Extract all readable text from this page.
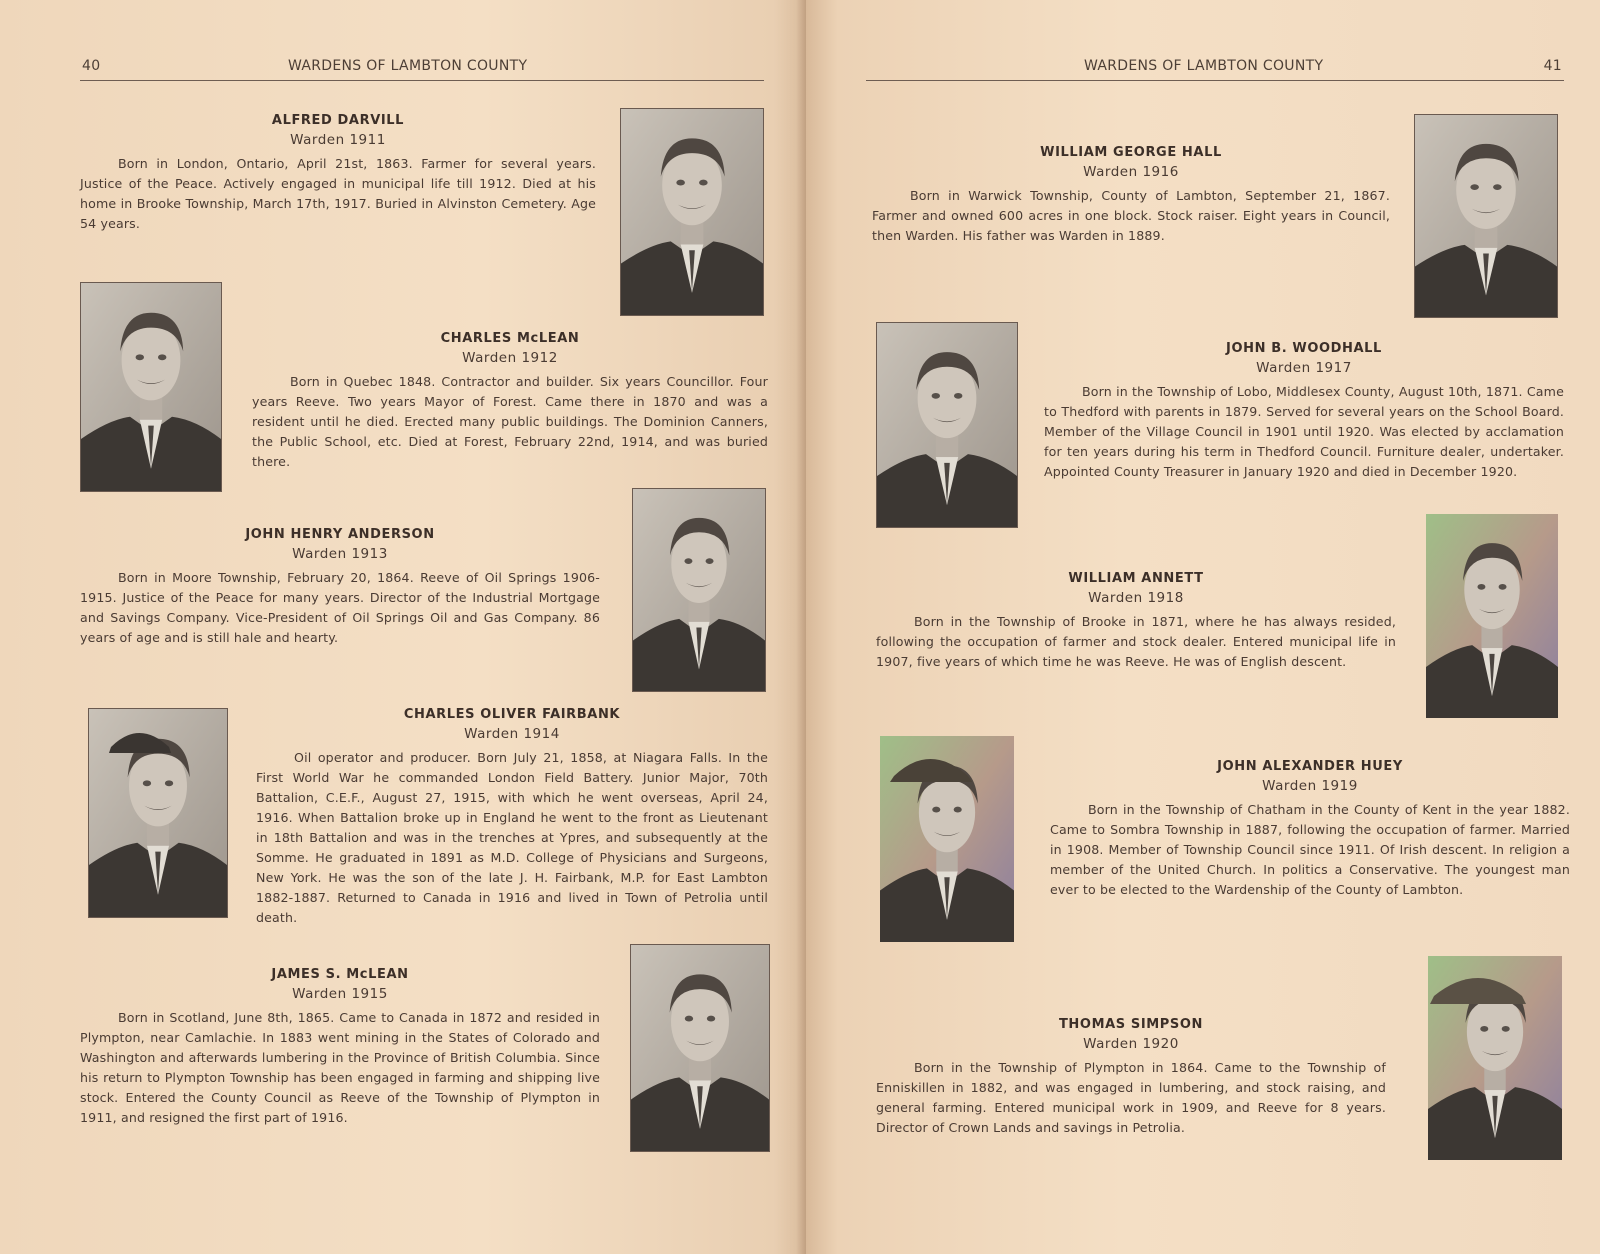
40	WARDENS OF LAMBTON COUNTY
ALFRED DARVILL
Warden 1911

Born in London, Ontario, April 21st, 1863. Farmer for several years. Justice of the Peace. Actively engaged in municipal life till 1912. Died at his home in Brooke Township, March 17th, 1917. Buried in Alvinston Cemetery. Age 54 years.

CHARLES McLEAN
Warden 1912

Born in Quebec 1848. Contractor and builder. Six years Councillor. Four years Reeve. Two years Mayor of Forest. Came there in 1870 and was a resident until he died. Erected many public buildings. The Dominion Canners, the Public School, etc. Died at Forest, February 22nd, 1914, and was buried there.

JOHN HENRY ANDERSON
Warden 1913

Born in Moore Township, February 20, 1864. Reeve of Oil Springs 1906-1915. Justice of the Peace for many years. Director of the Industrial Mortgage and Savings Company. Vice-President of Oil Springs Oil and Gas Company. 86 years of age and is still hale and hearty.

CHARLES OLIVER FAIRBANK
Warden 1914

Oil operator and producer. Born July 21, 1858, at Niagara Falls. In the First World War he commanded London Field Battery. Junior Major, 70th Battalion, C.E.F., August 27, 1915, with which he went overseas, April 24, 1916. When Battalion broke up in England he went to the front as Lieutenant in 18th Battalion and was in the trenches at Ypres, and subsequently at the Somme. He graduated in 1891 as M.D. College of Physicians and Surgeons, New York. He was the son of the late J. H. Fairbank, M.P. for East Lambton 1882-1887. Returned to Canada in 1916 and lived in Town of Petrolia until death.

JAMES S. McLEAN
Warden 1915

Born in Scotland, June 8th, 1865. Came to Canada in 1872 and resided in Plympton, near Camlachie. In 1883 went mining in the States of Colorado and Washington and afterwards lumbering in the Province of British Columbia. Since his return to Plympton Township has been engaged in farming and shipping live stock. Entered the County Council as Reeve of the Township of Plympton in 1911, and resigned the first part of 1916.

WARDENS OF LAMBTON COUNTY	41
WILLIAM GEORGE HALL
Warden 1916

Born in Warwick Township, County of Lambton, September 21, 1867. Farmer and owned 600 acres in one block. Stock raiser. Eight years in Council, then Warden. His father was Warden in 1889.

JOHN B. WOODHALL
Warden 1917

Born in the Township of Lobo, Middlesex County, August 10th, 1871. Came to Thedford with parents in 1879. Served for several years on the School Board. Member of the Village Council in 1901 until 1920. Was elected by acclamation for ten years during his term in Thedford Council. Furniture dealer, undertaker. Appointed County Treasurer in January 1920 and died in December 1920.

WILLIAM ANNETT
Warden 1918

Born in the Township of Brooke in 1871, where he has always resided, following the occupation of farmer and stock dealer. Entered municipal life in 1907, five years of which time he was Reeve. He was of English descent.

JOHN ALEXANDER HUEY
Warden 1919

Born in the Township of Chatham in the County of Kent in the year 1882. Came to Sombra Township in 1887, following the occupation of farmer. Married in 1908. Member of Township Council since 1911. Of Irish descent. In religion a member of the United Church. In politics a Conservative. The youngest man ever to be elected to the Wardenship of the County of Lambton.

THOMAS SIMPSON
Warden 1920

Born in the Township of Plympton in 1864. Came to the Township of Enniskillen in 1882, and was engaged in lumbering, and stock raising, and general farming. Entered municipal work in 1909, and Reeve for 8 years. Director of Crown Lands and savings in Petrolia.
